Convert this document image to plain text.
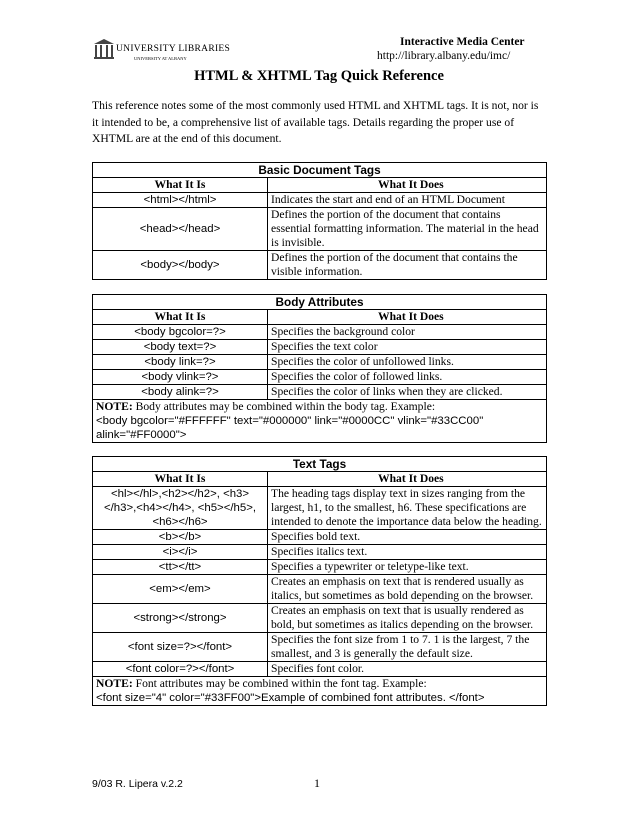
UNIVERSITY LIBRARIES
UNIVERSITY AT ALBANY
Interactive Media Center
http://library.albany.edu/imc/
HTML & XHTML Tag Quick Reference
This reference notes some of the most commonly used HTML and XHTML tags. It is not, nor is it intended to be, a comprehensive list of available tags. Details regarding the proper use of XHTML are at the end of this document.
Basic Document Tags	
What It Is	What It Does
<html></html>	Indicates the start and end of an HTML Document
<head></head>	Defines the portion of the document that contains essential formatting information. The material in the head is invisible.
<body></body>	Defines the portion of the document that contains the visible information.
Body Attributes	
What It Is	What It Does
<body bgcolor=?>	Specifies the background color
<body text=?>	Specifies the text color
<body link=?>	Specifies the color of unfollowed links.
<body vlink=?>	Specifies the color of followed links.
<body alink=?>	Specifies the color of links when they are clicked.
NOTE: Body attributes may be combined within the body tag. Example:
<body bgcolor="#FFFFFF" text="#000000" link="#0000CC" vlink="#33CC00" alink="#FF0000">	
Text Tags	
What It Is	What It Does
<hl></hl>,<h2></h2>, <h3></h3>,<h4></h4>, <h5></h5>,<h6></h6>	The heading tags display text in sizes ranging from the largest, h1, to the smallest, h6. These specifications are intended to denote the importance data below the heading.
<b></b>	Specifies bold text.
<i></i>	Specifies italics text.
<tt></tt>	Specifies a typewriter or teletype-like text.
<em></em>	Creates an emphasis on text that is rendered usually as italics, but sometimes as bold depending on the browser.
<strong></strong>	Creates an emphasis on text that is usually rendered as bold, but sometimes as italics depending on the browser.
<font size=?></font>	Specifies the font size from 1 to 7. 1 is the largest, 7 the smallest, and 3 is generally the default size.
<font color=?></font>	Specifies font color.
NOTE: Font attributes may be combined within the font tag. Example:
<font size="4" color="#33FF00">Example of combined font attributes. </font>	
9/03 R. Lipera v.2.2	1
